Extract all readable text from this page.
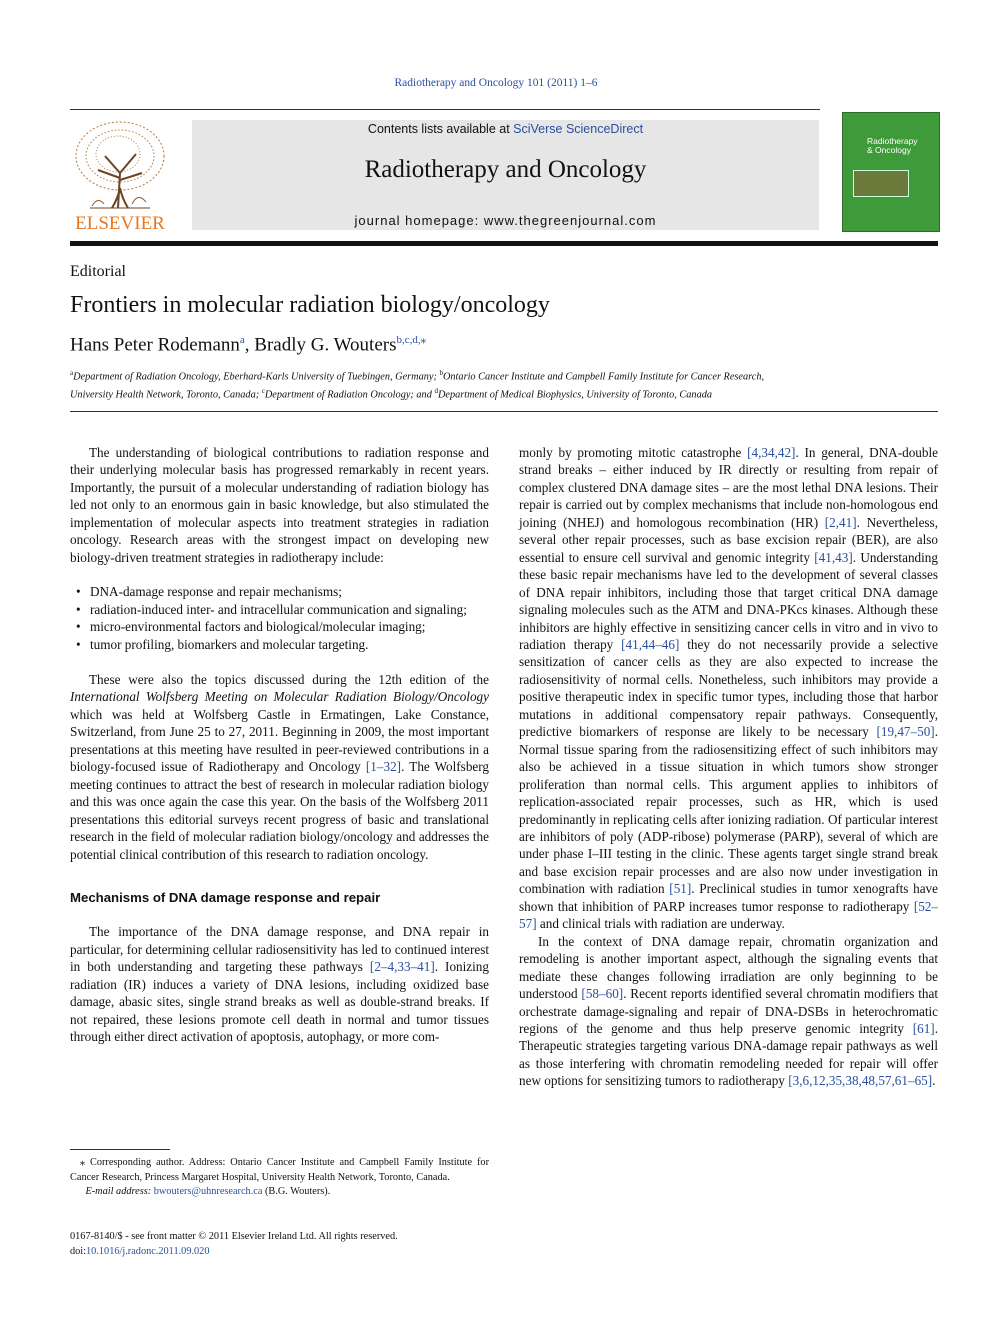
Radiotherapy and Oncology 101 (2011) 1–6
ELSEVIER
Contents lists available at SciVerse ScienceDirect
Radiotherapy and Oncology
journal homepage: www.thegreenjournal.com
Radiotherapy
& Oncology
Editorial
Frontiers in molecular radiation biology/oncology
Hans Peter Rodemann$^a$, Bradly G. Wouters$^{b,c,d,⁎}$
$^a$Department of Radiation Oncology, Eberhard-Karls University of Tuebingen, Germany; $^b$Ontario Cancer Institute and Campbell Family Institute for Cancer Research,
University Health Network, Toronto, Canada; $^c$Department of Radiation Oncology; and $^d$Department of Medical Biophysics, University of Toronto, Canada

The understanding of biological contributions to radiation response and their underlying molecular basis has progressed remarkably in recent years. Importantly, the pursuit of a molecular understanding of radiation biology has led not only to an enormous gain in basic knowledge, but also stimulated the implementation of molecular aspects into treatment strategies in radiation oncology. Research areas with the strongest impact on developing new biology-driven treatment strategies in radiotherapy include:

• DNA-damage response and repair mechanisms;
• radiation-induced inter- and intracellular communication and signaling;
• micro-environmental factors and biological/molecular imaging;
• tumor profiling, biomarkers and molecular targeting.

These were also the topics discussed during the 12th edition of the International Wolfsberg Meeting on Molecular Radiation Biology/Oncology which was held at Wolfsberg Castle in Ermatingen, Lake Constance, Switzerland, from June 25 to 27, 2011. Beginning in 2009, the most important presentations at this meeting have resulted in peer-reviewed contributions in a biology-focused issue of Radiotherapy and Oncology [1–32]. The Wolfsberg meeting continues to attract the best of research in molecular radiation biology and this was once again the case this year. On the basis of the Wolfsberg 2011 presentations this editorial surveys recent progress of basic and translational research in the field of molecular radiation biology/oncology and addresses the potential clinical contribution of this research to radiation oncology.

Mechanisms of DNA damage response and repair

The importance of the DNA damage response, and DNA repair in particular, for determining cellular radiosensitivity has led to continued interest in both understanding and targeting these pathways [2–4,33–41]. Ionizing radiation (IR) induces a variety of DNA lesions, including oxidized base damage, abasic sites, single strand breaks as well as double-strand breaks. If not repaired, these lesions promote cell death in normal and tumor tissues through either direct activation of apoptosis, autophagy, or more com-

monly by promoting mitotic catastrophe [4,34,42]. In general, DNA-double strand breaks – either induced by IR directly or resulting from repair of complex clustered DNA damage sites – are the most lethal DNA lesions. Their repair is carried out by complex mechanisms that include non-homologous end joining (NHEJ) and homologous recombination (HR) [2,41]. Nevertheless, several other repair processes, such as base excision repair (BER), are also essential to ensure cell survival and genomic integrity [41,43]. Understanding these basic repair mechanisms have led to the development of several classes of DNA repair inhibitors, including those that target critical DNA damage signaling molecules such as the ATM and DNA-PKcs kinases. Although these inhibitors are highly effective in sensitizing cancer cells in vitro and in vivo to radiation therapy [41,44–46] they do not necessarily provide a selective sensitization of cancer cells as they are also expected to increase the radiosensitivity of normal cells. Nonetheless, such inhibitors may provide a positive therapeutic index in specific tumor types, including those that harbor mutations in additional compensatory repair pathways. Consequently, predictive biomarkers of response are likely to be necessary [19,47–50]. Normal tissue sparing from the radiosensitizing effect of such inhibitors may also be achieved in a tissue situation in which tumors show stronger proliferation than normal cells. This argument applies to inhibitors of replication-associated repair processes, such as HR, which is used predominantly in replicating cells after ionizing radiation. Of particular interest are inhibitors of poly (ADP-ribose) polymerase (PARP), several of which are under phase I–III testing in the clinic. These agents target single strand break and base excision repair processes and are also now under investigation in combination with radiation [51]. Preclinical studies in tumor xenografts have shown that inhibition of PARP increases tumor response to radiotherapy [52–57] and clinical trials with radiation are underway.

In the context of DNA damage repair, chromatin organization and remodeling is another important aspect, although the signaling events that mediate these changes following irradiation are only beginning to be understood [58–60]. Recent reports identified several chromatin modifiers that orchestrate damage-signaling and repair of DNA-DSBs in heterochromatic regions of the genome and thus help preserve genomic integrity [61]. Therapeutic strategies targeting various DNA-damage repair pathways as well as those interfering with chromatin remodeling needed for repair will offer new options for sensitizing tumors to radiotherapy [3,6,12,35,38,48,57,61–65].

⁎ Corresponding author. Address: Ontario Cancer Institute and Campbell Family Institute for Cancer Research, Princess Margaret Hospital, University Health Network, Toronto, Canada.

E-mail address: bwouters@uhnresearch.ca (B.G. Wouters).

0167-8140/$ - see front matter © 2011 Elsevier Ireland Ltd. All rights reserved.
doi:10.1016/j.radonc.2011.09.020
